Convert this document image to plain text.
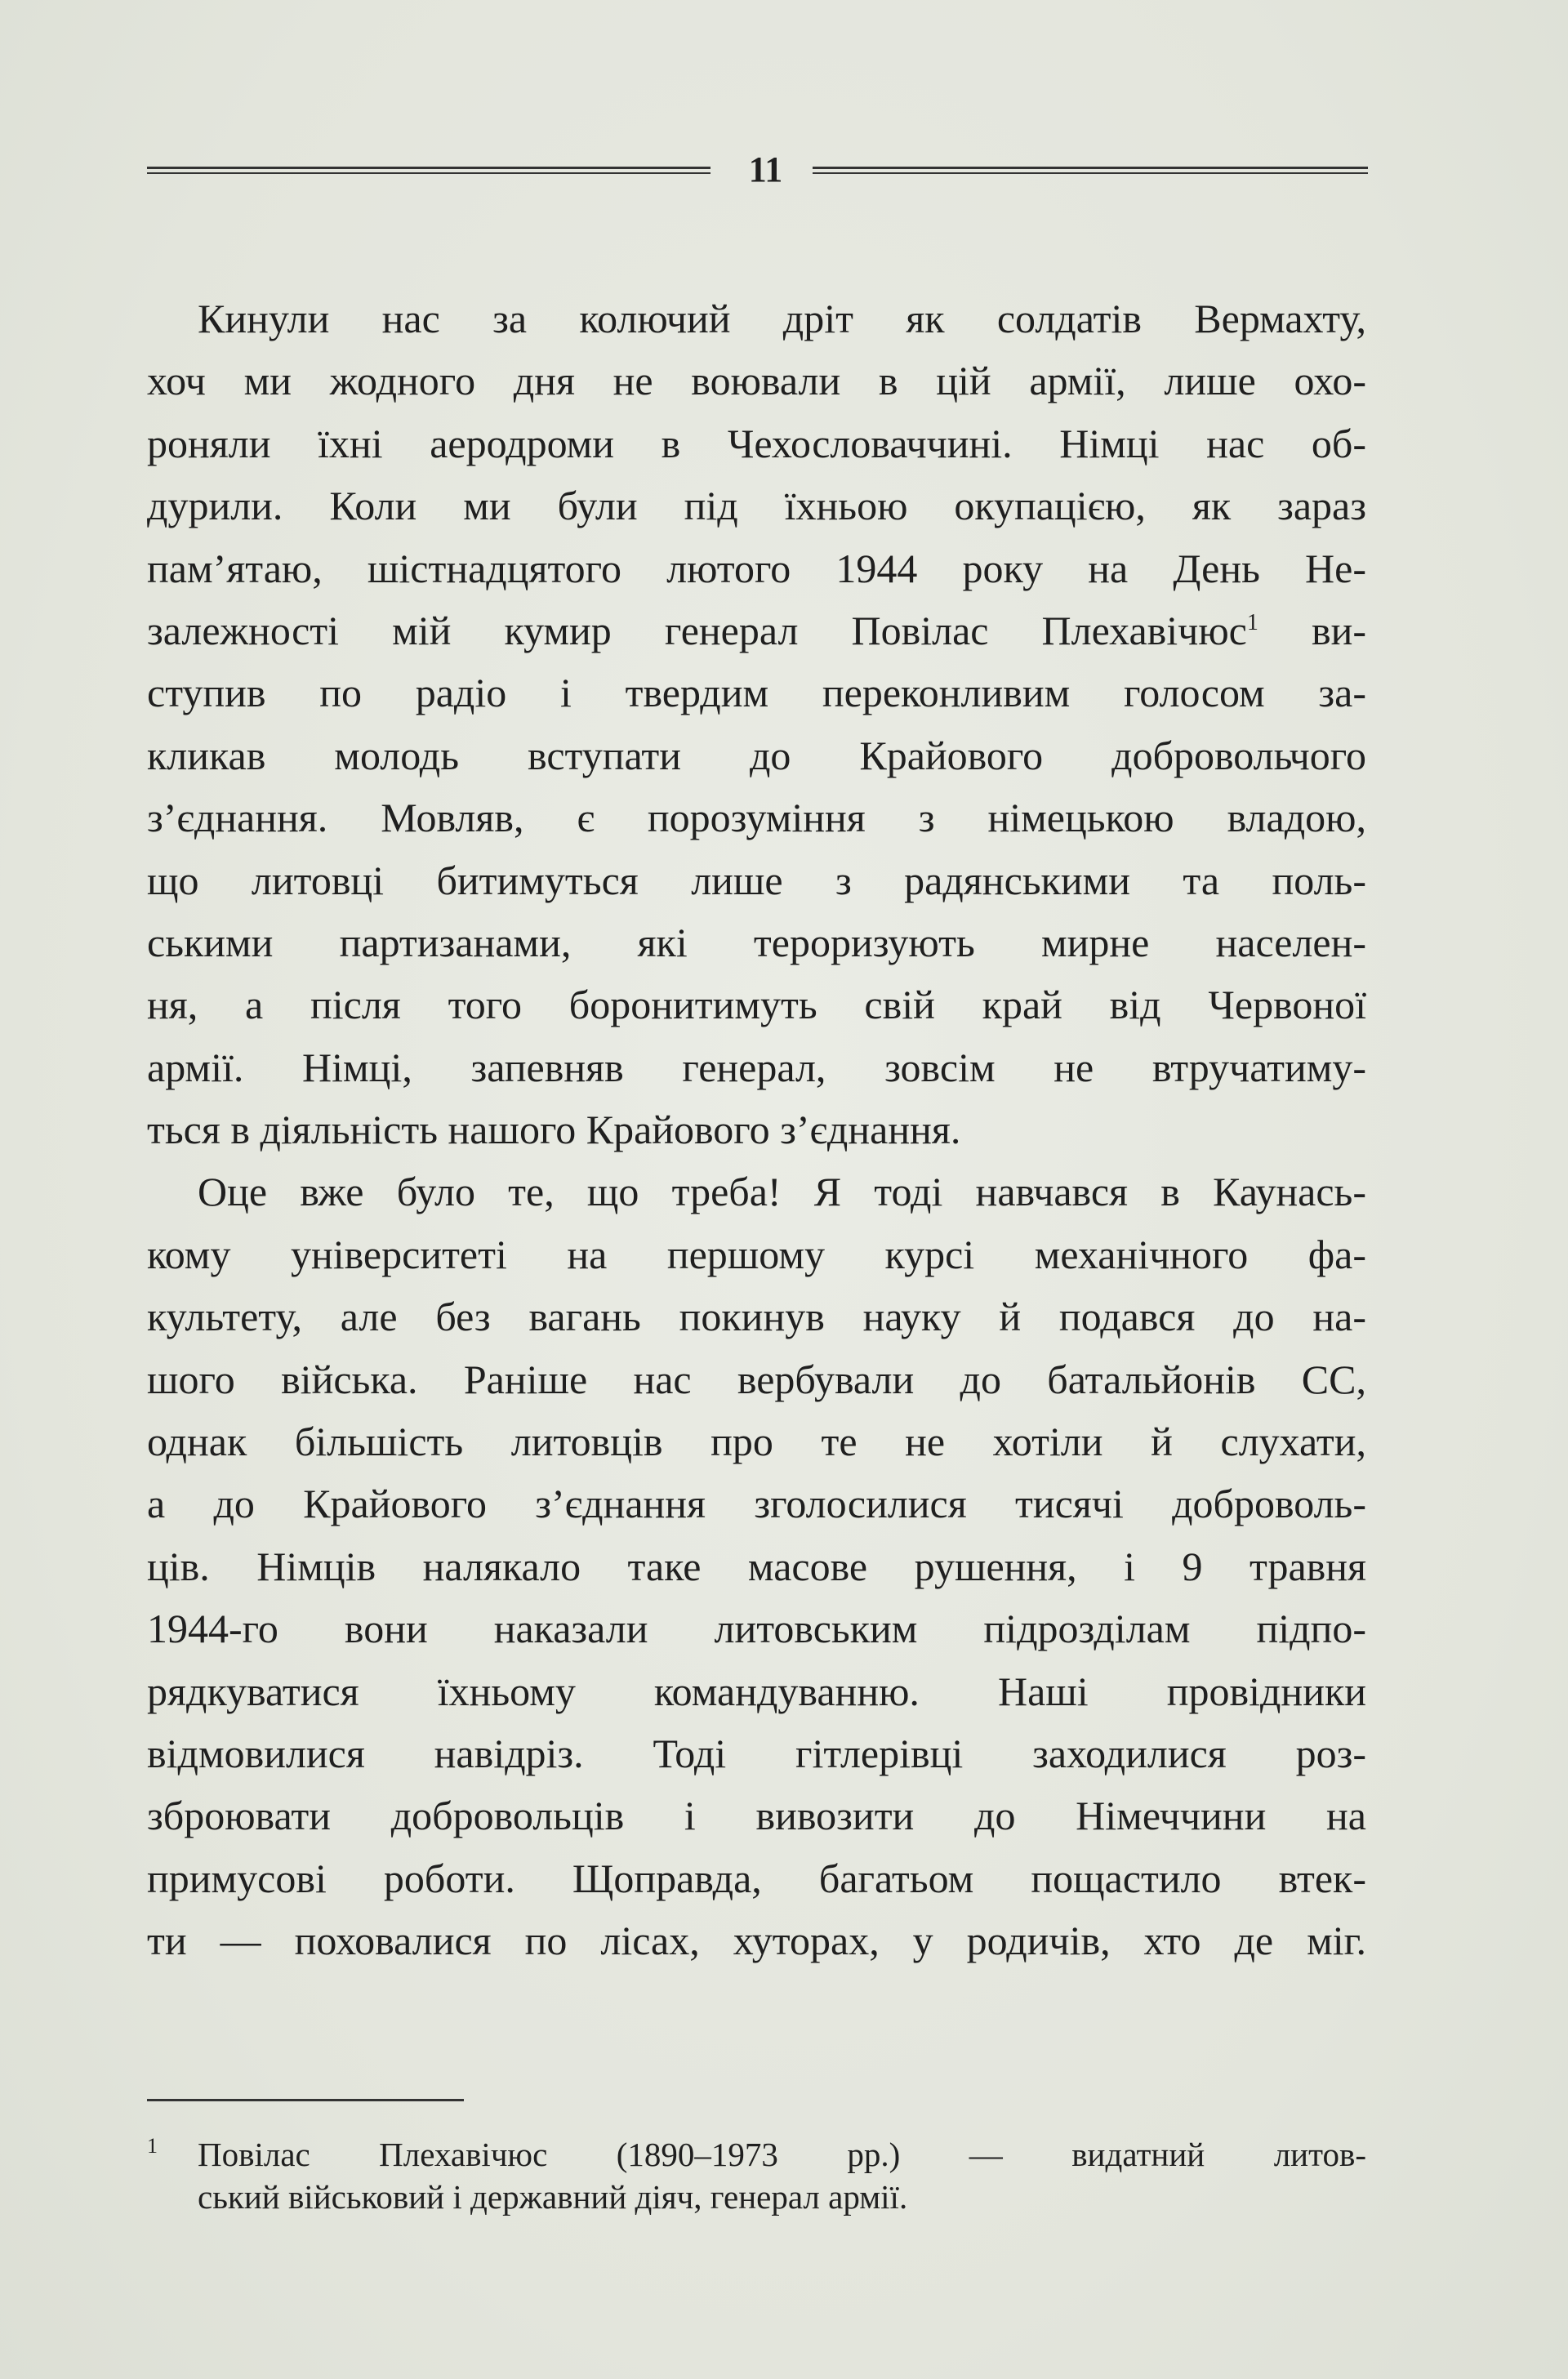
11
Кинули нас за колючий дріт як солдатів Вермахту,
хоч ми жодного дня не воювали в цій армії, лише охо-
роняли їхні аеродроми в Чехословаччині. Німці нас об-
дурили. Коли ми були під їхньою окупацією, як зараз
пам’ятаю, шістнадцятого лютого 1944 року на День Не-
залежності мій кумир генерал Повілас Плехавічюс$^1$ ви-
ступив по радіо і твердим переконливим голосом за-
кликав молодь вступати до Крайового добровольчого
з’єднання. Мовляв, є порозуміння з німецькою владою,
що литовці битимуться лише з радянськими та поль-
ськими партизанами, які тероризують мирне населен-
ня, а після того боронитимуть свій край від Червоної
армії. Німці, запевняв генерал, зовсім не втручатиму-
ться в діяльність нашого Крайового з’єднання.
Оце вже було те, що треба! Я тоді навчався в Каунась-
кому університеті на першому курсі механічного фа-
культету, але без вагань покинув науку й подався до на-
шого війська. Раніше нас вербували до батальйонів СС,
однак більшість литовців про те не хотіли й слухати,
а до Крайового з’єднання зголосилися тисячі доброволь-
ців. Німців налякало таке масове рушення, і 9 травня
1944-го вони наказали литовським підрозділам підпо-
рядкуватися їхньому командуванню. Наші провідники
відмовилися навідріз. Тоді гітлерівці заходилися роз-
зброювати добровольців і вивозити до Німеччини на
примусові роботи. Щоправда, багатьом пощастило втек-
ти — поховалися по лісах, хуторах, у родичів, хто де міг.
1 Повілас Плехавічюс (1890–1973 рр.) — видатний литов-
ський військовий і державний діяч, генерал армії.
